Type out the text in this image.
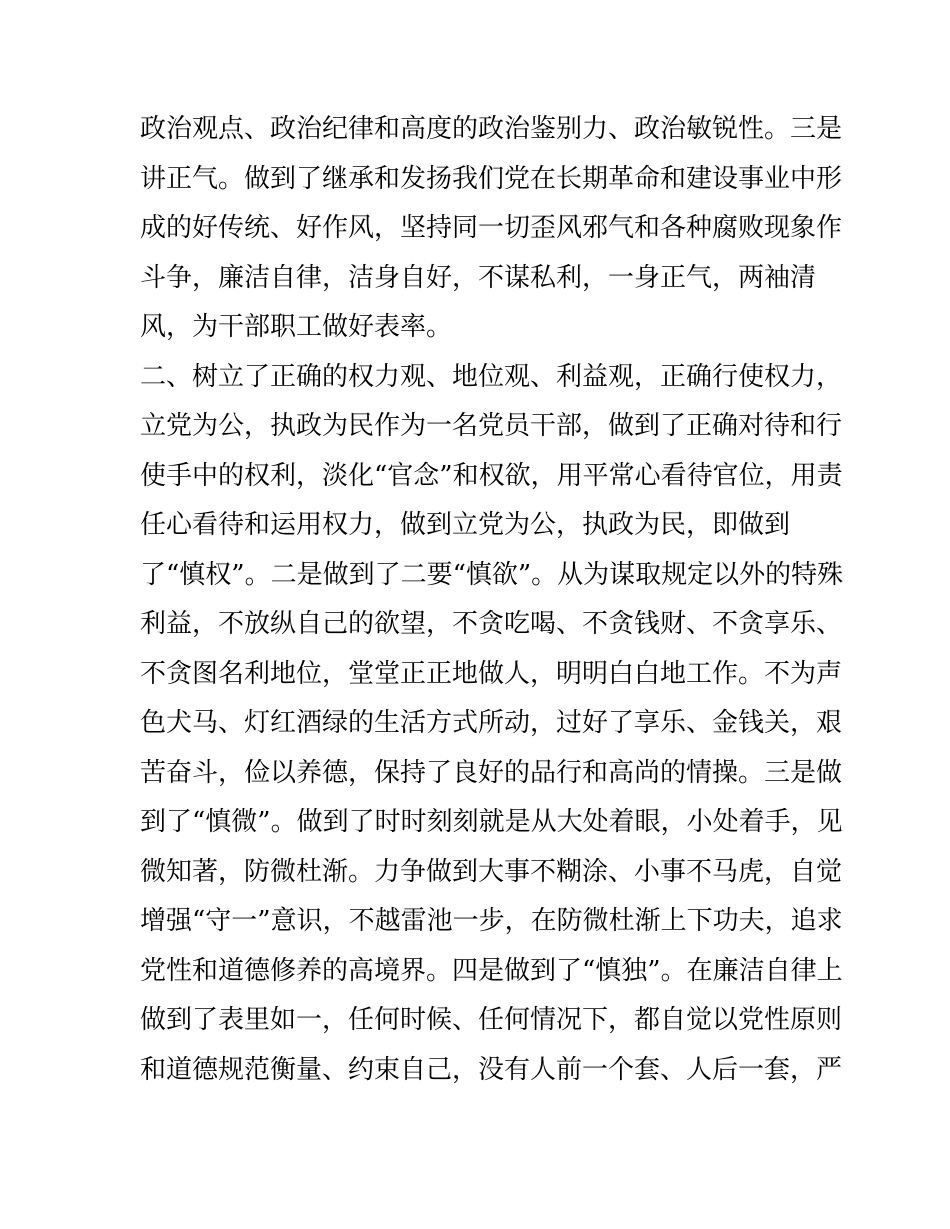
政治观点、政治纪律和高度的政治鉴别力、政治敏锐性。三是
讲正气。做到了继承和发扬我们党在长期革命和建设事业中形
成的好传统、好作风，坚持同一切歪风邪气和各种腐败现象作
斗争，廉洁自律，洁身自好，不谋私利，一身正气，两袖清
风，为干部职工做好表率。
二、树立了正确的权力观、地位观、利益观，正确行使权力，
立党为公，执政为民作为一名党员干部，做到了正确对待和行
使手中的权利，淡化“官念”和权欲，用平常心看待官位，用责
任心看待和运用权力，做到立党为公，执政为民，即做到
了“慎权”。二是做到了二要“慎欲”。从为谋取规定以外的特殊
利益，不放纵自己的欲望，不贪吃喝、不贪钱财、不贪享乐、
不贪图名利地位，堂堂正正地做人，明明白白地工作。不为声
色犬马、灯红酒绿的生活方式所动，过好了享乐、金钱关，艰
苦奋斗，俭以养德，保持了良好的品行和高尚的情操。三是做
到了“慎微”。做到了时时刻刻就是从大处着眼，小处着手，见
微知著，防微杜渐。力争做到大事不糊涂、小事不马虎，自觉
增强“守一”意识，不越雷池一步，在防微杜渐上下功夫，追求
党性和道德修养的高境界。四是做到了“慎独”。在廉洁自律上
做到了表里如一，任何时候、任何情况下，都自觉以党性原则
和道德规范衡量、约束自己，没有人前一个套、人后一套，严
